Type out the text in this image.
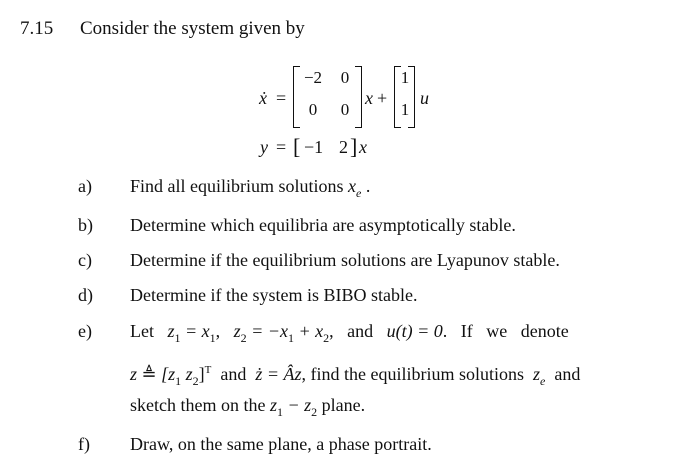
7.15 Consider the system given by
ẋ =
−2	0
0	0
x +
1
1
u
y = [ −1 2 ] x
a) Find all equilibrium solutions $x_e$ .
b) Determine which equilibria are asymptotically stable.
c) Determine if the equilibrium solutions are Lyapunov stable.
d) Determine if the system is BIBO stable.
e) Let $z_1 = x_1$, $z_2 = -x_1 + x_2$, and u(t) = 0. If we denote
z ≜ [$z_1$ $z_2]^T$ and ż = Âz, find the equilibrium solutions $z_e$ and
sketch them on the $z_1 - z_2$ plane.
f) Draw, on the same plane, a phase portrait.
